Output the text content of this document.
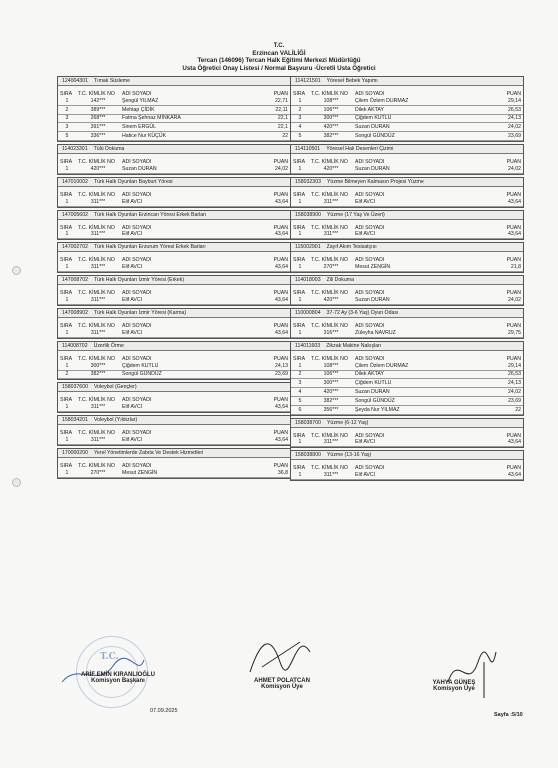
T.C.
Erzincan VALİLİĞİ
Tercan (146096) Tercan Halk Eğitimi Merkezi Müdürlüğü
Usta Öğretici Onay Listesi / Normal Başvuru -Ücretli Usta Öğretici
124004301 Tımak Süsleme

SIRA	T.C. KİMLİK NO	ADI SOYADI	PUAN
1	142***	Şengül YILMAZ	22,71
2	389***	Mehtap ÇİDİK	22,11
3	268***	Fatma Şehnaz MİNKARA	22,1
3	391***	Sinem ERGÜL	22,1
5	336***	Hatice Nur KÜÇÜK	22
114023301 Tülü Dokuma

SIRA	T.C. KİMLİK NO	ADI SOYADI	PUAN
1	420***	Suzan DURAN	24,02
147010002 Türk Halk Oyunları Bayburt Yöresi

SIRA	T.C. KİMLİK NO	ADI SOYADI	PUAN
1	311***	Elif AVCI	43,64
147005602 Türk Halk Oyunları Erzincan Yöresi Erkek Barları

SIRA	T.C. KİMLİK NO	ADI SOYADI	PUAN
1	311***	Elif AVCI	43,64
147002702 Türk Halk Oyunları Erzurum Yöresi Erkek Barları

SIRA	T.C. KİMLİK NO	ADI SOYADI	PUAN
1	311***	Elif AVCI	43,64
147008702 Türk Halk Oyunları İzmir Yöresi (Erkek)

SIRA	T.C. KİMLİK NO	ADI SOYADI	PUAN
1	311***	Elif AVCI	43,64
147008902 Türk Halk Oyunları İzmir Yöresi (Karma)

SIRA	T.C. KİMLİK NO	ADI SOYADI	PUAN
1	311***	Elif AVCI	43,64
114008702 Üzerlik Örme

SIRA	T.C. KİMLİK NO	ADI SOYADI	PUAN
1	300***	Çiğdem KUTLU	24,13
2	382***	Songül GÜNDÜZ	23,69
158037600 Voleybol (Gençler)

SIRA	T.C. KİMLİK NO	ADI SOYADI	PUAN
1	311***	Elif AVCI	43,64
158034201 Voleybol (Yıldızlar)

SIRA	T.C. KİMLİK NO	ADI SOYADI	PUAN
1	311***	Elif AVCI	43,64
170000200 Yerel Yönetimlerde Zabıta Ve Destek Hizmetleri

SIRA	T.C. KİMLİK NO	ADI SOYADI	PUAN
1	270***	Mesut ZENGİN	36,8
114121501 Yöresel Bebek Yapımı

SIRA	T.C. KİMLİK NO	ADI SOYADI	PUAN
1	108***	Çilem Özlem DURMAZ	29,14
2	106***	Dilek AKTAY	26,53
3	300***	Çiğdem KUTLU	24,13
4	420***	Suzan DURAN	24,02
5	382***	Songül GÜNDÜZ	23,69
114110501 Yöresel Halı Desenleri Çizimi

SIRA	T.C. KİMLİK NO	ADI SOYADI	PUAN
1	420***	Suzan DURAN	24,02
158032303 Yüzme Bilmeyen Kalmasın Projesi Yüzme

SIRA	T.C. KİMLİK NO	ADI SOYADI	PUAN
1	311***	Elif AVCI	43,64
158038900 Yüzme (17 Yaş Ve Üzeri)

SIRA	T.C. KİMLİK NO	ADI SOYADI	PUAN
1	311***	Elif AVCI	43,64
115002901 Zayıf Akım Tesisatçısı

SIRA	T.C. KİMLİK NO	ADI SOYADI	PUAN
1	270***	Mesut ZENGİN	21,8
114018003 Zili Dokuma

SIRA	T.C. KİMLİK NO	ADI SOYADI	PUAN
1	420***	Suzan DURAN	24,02
110000804 37-72 Ay (3-6 Yaş) Oyun Odası

SIRA	T.C. KİMLİK NO	ADI SOYADI	PUAN
1	316***	Züleyha NAVRUZ	29,75
114011603 Zikzak Makine Nakışları

SIRA	T.C. KİMLİK NO	ADI SOYADI	PUAN
1	108***	Çilem Özlem DURMAZ	29,14
2	106***	Dilek AKTAY	26,53
3	300***	Çiğdem KUTLU	24,13
4	420***	Suzan DURAN	24,02
5	382***	Songül GÜNDÜZ	23,69
6	356***	Şeyda Nur YILMAZ	22
158038700 Yüzme (6-12 Yaş)

SIRA	T.C. KİMLİK NO	ADI SOYADI	PUAN
1	311***	Elif AVCI	43,64
158038800 Yüzme (13-16 Yaş)

SIRA	T.C. KİMLİK NO	ADI SOYADI	PUAN
1	311***	Elif AVCI	43,64
T.C.
ARİF EMİN KIRANLIOĞLU
Komisyon Başkanı	AHMET POLATCAN
Komisyon Üye
YAHYA GÜNEŞ
Komisyon Üye
07.09.2025
Sayfa :5/10
